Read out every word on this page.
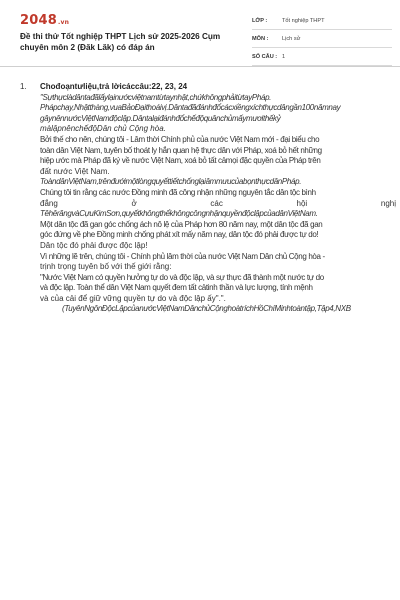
2048.vn
Đề thi thử Tốt nghiệp THPT Lịch sử 2025-2026 Cụm chuyên môn 2 (Đăk Lăk) có đáp án
LỚP :	Tốt nghiệp THPT
MÔN :	Lịch sử
SỐ CÂU : 1
1. Chođoạntưliệu,trả lờicáccâu:22, 23, 24
"Sựthựclàdântađãlấylạinướcviệtnamtừtaynhật,chứkhôngphảitừtayPháp.
Phápchạy,Nhậtthàng,vuaBảoĐạithoáivị.Dântađãđánhđổcácxiềngxíchthựcdângần100nămnay
gâynênnướcViệtNamđộclập.Dântalạiđánhđổchếđộquânchủmấymươithếkỷ
màlậpnênchếđộDân chủ Cộng hòa.
Bởi thế cho nên, chúng tôi - Lâm thời Chính phủ của nước Việt Nam mới - đại biểu cho
toàn dân Việt Nam, tuyên bố thoát ly hẳn quan hệ thực dân với Pháp, xoá bỏ hết những
hiệp ước mà Pháp đã ký về nước Việt Nam, xoá bỏ tất cảmọi đặc quyền của Pháp trên
đất nước Việt Nam.
ToàndânViệtNam,trênđướimộtlòngquyếttiếtchốnglạiâmmưucủabọnthựcdânPháp.
Chúng tôi tin rằng các nước Đồng minh đã công nhận những nguyên tắc dân tộc bình
đẳng ở các hội nghị
TêhêrăngvàCựuKimSơn,quyếtkhôngthểkhôngcôngnhậnquyềnđộclậpcủadânViệtNam.
Một dân tộc đã gan góc chống ách nô lệ của Pháp hơn 80 năm nay, một dân tộc đã gan
góc đứng về phe Đồng minh chống phát xít mấy năm nay, dân tộc đó phải được tự do!
Dân tộc đó phải được độc lập!
Vì những lẽ trên, chúng tôi - Chính phủ lâm thời của nước Việt Nam Dân chủ Cộng hòa -
trịnh trọng tuyên bố với thế giới rằng:
"Nước Việt Nam có quyền hưởng tự do và độc lập, và sự thực đã thành một nước tự do
và độc lập. Toàn thể dân Việt Nam quyết đem tất cảtinh thần và lực lượng, tính mệnh
và của cải để giữ vững quyền tự do và độc lập ấy".".
(TuyênNgônĐộcLậpcủanướcViệtNamDânchủCộnghoàtríchHồChíMinhtoàntập,Tập4,NXB
